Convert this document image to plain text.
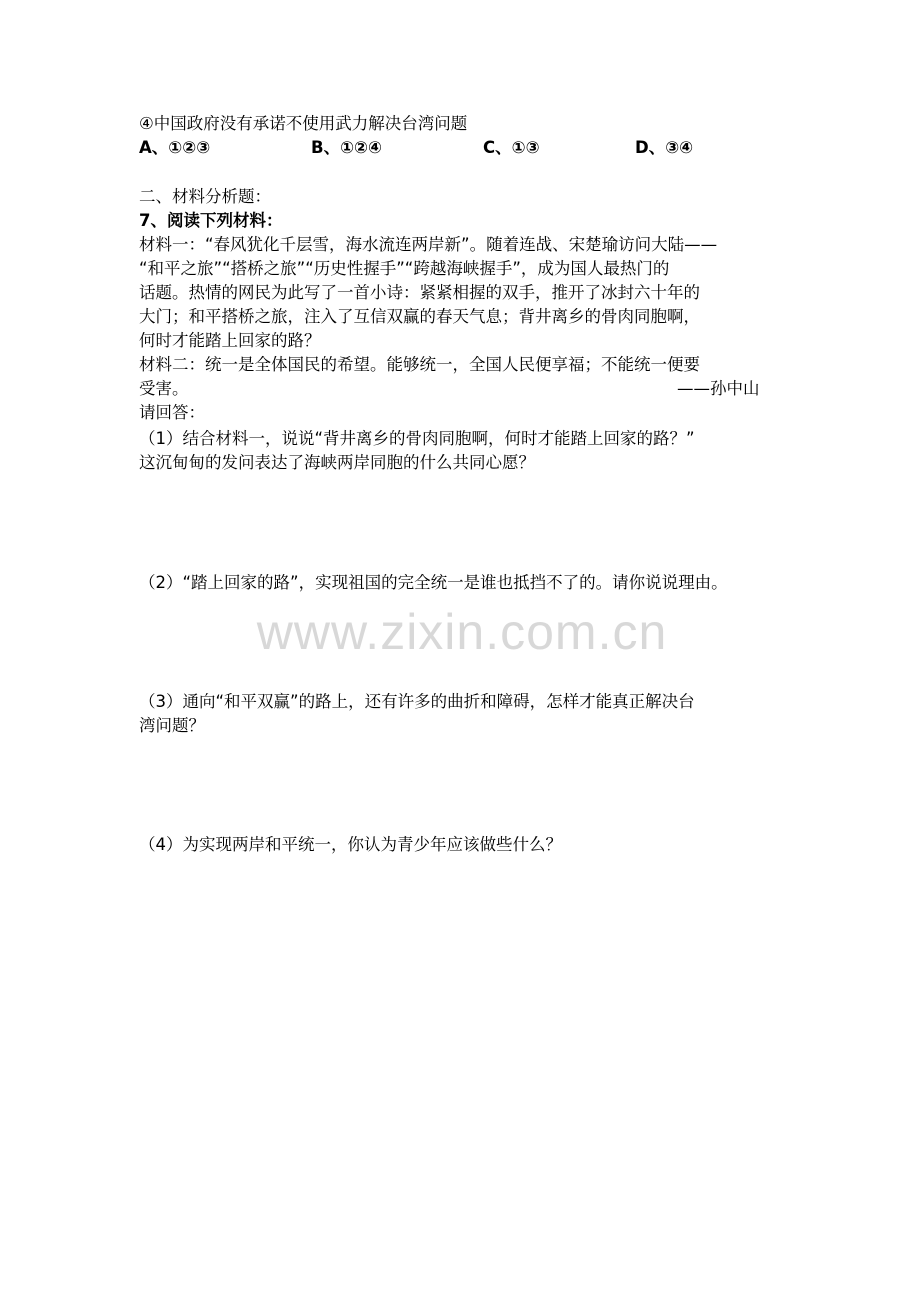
④中国政府没有承诺不使用武力解决台湾问题
A、①②③	B、①②④	C、①③	D、③④
二、材料分析题：
7、阅读下列材料：
材料一：“春风犹化千层雪，海水流连两岸新”。随着连战、宋楚瑜访问大陆——
“和平之旅”“搭桥之旅”“历史性握手”“跨越海峡握手”，成为国人最热门的
话题。热情的网民为此写了一首小诗：紧紧相握的双手，推开了冰封六十年的
大门；和平搭桥之旅，注入了互信双赢的春天气息；背井离乡的骨肉同胞啊，
何时才能踏上回家的路？
材料二：统一是全体国民的希望。能够统一，全国人民便享福；不能统一便要
受害。	——孙中山
请回答：
（1）结合材料一，说说“背井离乡的骨肉同胞啊，何时才能踏上回家的路？”
这沉甸甸的发问表达了海峡两岸同胞的什么共同心愿？
（2）“踏上回家的路”，实现祖国的完全统一是谁也抵挡不了的。请你说说理由。
www.zixin.com.cn
（3）通向“和平双赢”的路上，还有许多的曲折和障碍，怎样才能真正解决台
湾问题？
（4）为实现两岸和平统一，你认为青少年应该做些什么？
